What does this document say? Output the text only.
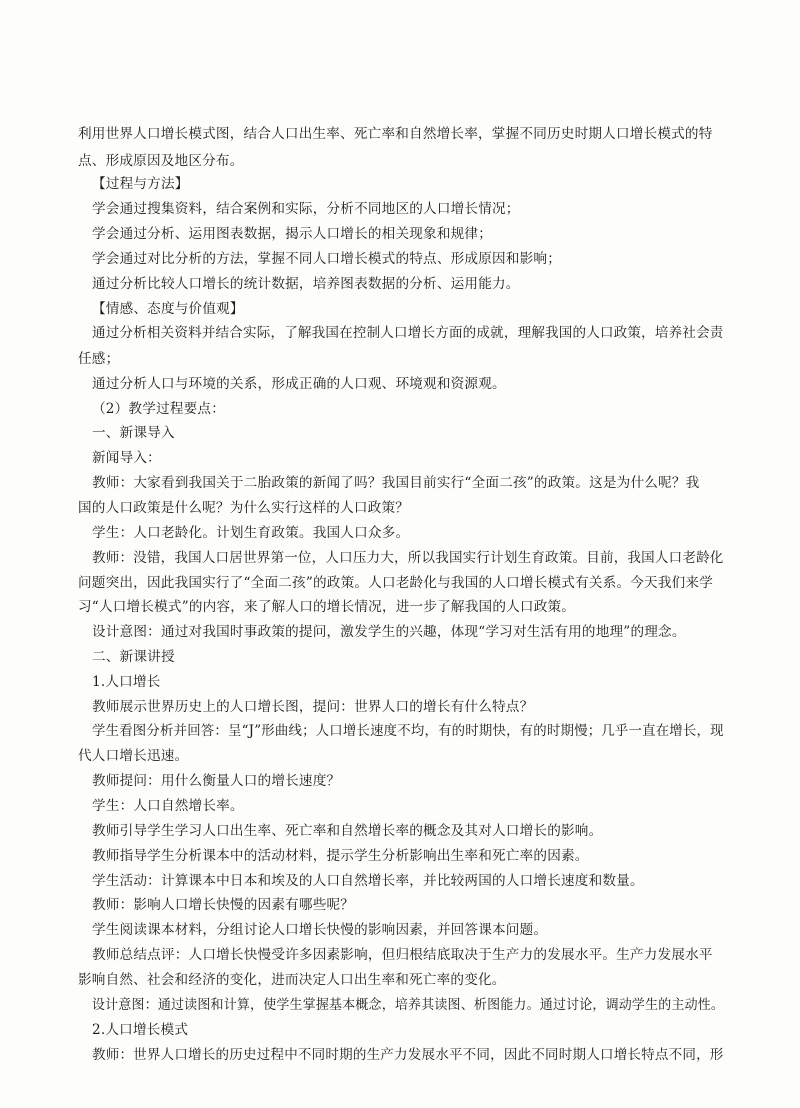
利用世界人口增长模式图，结合人口出生率、死亡率和自然增长率，掌握不同历史时期人口增长模式的特
点、形成原因及地区分布。
【过程与方法】
学会通过搜集资料，结合案例和实际，分析不同地区的人口增长情况；
学会通过分析、运用图表数据，揭示人口增长的相关现象和规律；
学会通过对比分析的方法，掌握不同人口增长模式的特点、形成原因和影响；
通过分析比较人口增长的统计数据，培养图表数据的分析、运用能力。
【情感、态度与价值观】
通过分析相关资料并结合实际，了解我国在控制人口增长方面的成就，理解我国的人口政策，培养社会责
任感；
通过分析人口与环境的关系，形成正确的人口观、环境观和资源观。
（2）教学过程要点：
一、新课导入
新闻导入：
教师：大家看到我国关于二胎政策的新闻了吗？我国目前实行“全面二孩”的政策。这是为什么呢？我
国的人口政策是什么呢？为什么实行这样的人口政策？
学生：人口老龄化。计划生育政策。我国人口众多。
教师：没错，我国人口居世界第一位，人口压力大，所以我国实行计划生育政策。目前，我国人口老龄化
问题突出，因此我国实行了“全面二孩”的政策。人口老龄化与我国的人口增长模式有关系。今天我们来学
习“人口增长模式”的内容，来了解人口的增长情况，进一步了解我国的人口政策。
设计意图：通过对我国时事政策的提问，激发学生的兴趣，体现“学习对生活有用的地理”的理念。
二、新课讲授
1.人口增长
教师展示世界历史上的人口增长图，提问：世界人口的增长有什么特点？
学生看图分析并回答：呈“J”形曲线；人口增长速度不均，有的时期快，有的时期慢；几乎一直在增长，现
代人口增长迅速。
教师提问：用什么衡量人口的增长速度？
学生：人口自然增长率。
教师引导学生学习人口出生率、死亡率和自然增长率的概念及其对人口增长的影响。
教师指导学生分析课本中的活动材料，提示学生分析影响出生率和死亡率的因素。
学生活动：计算课本中日本和埃及的人口自然增长率，并比较两国的人口增长速度和数量。
教师：影响人口增长快慢的因素有哪些呢？
学生阅读课本材料，分组讨论人口增长快慢的影响因素，并回答课本问题。
教师总结点评：人口增长快慢受许多因素影响，但归根结底取决于生产力的发展水平。生产力发展水平
影响自然、社会和经济的变化，进而决定人口出生率和死亡率的变化。
设计意图：通过读图和计算，使学生掌握基本概念，培养其读图、析图能力。通过讨论，调动学生的主动性。
2.人口增长模式
教师：世界人口增长的历史过程中不同时期的生产力发展水平不同，因此不同时期人口增长特点不同，形
